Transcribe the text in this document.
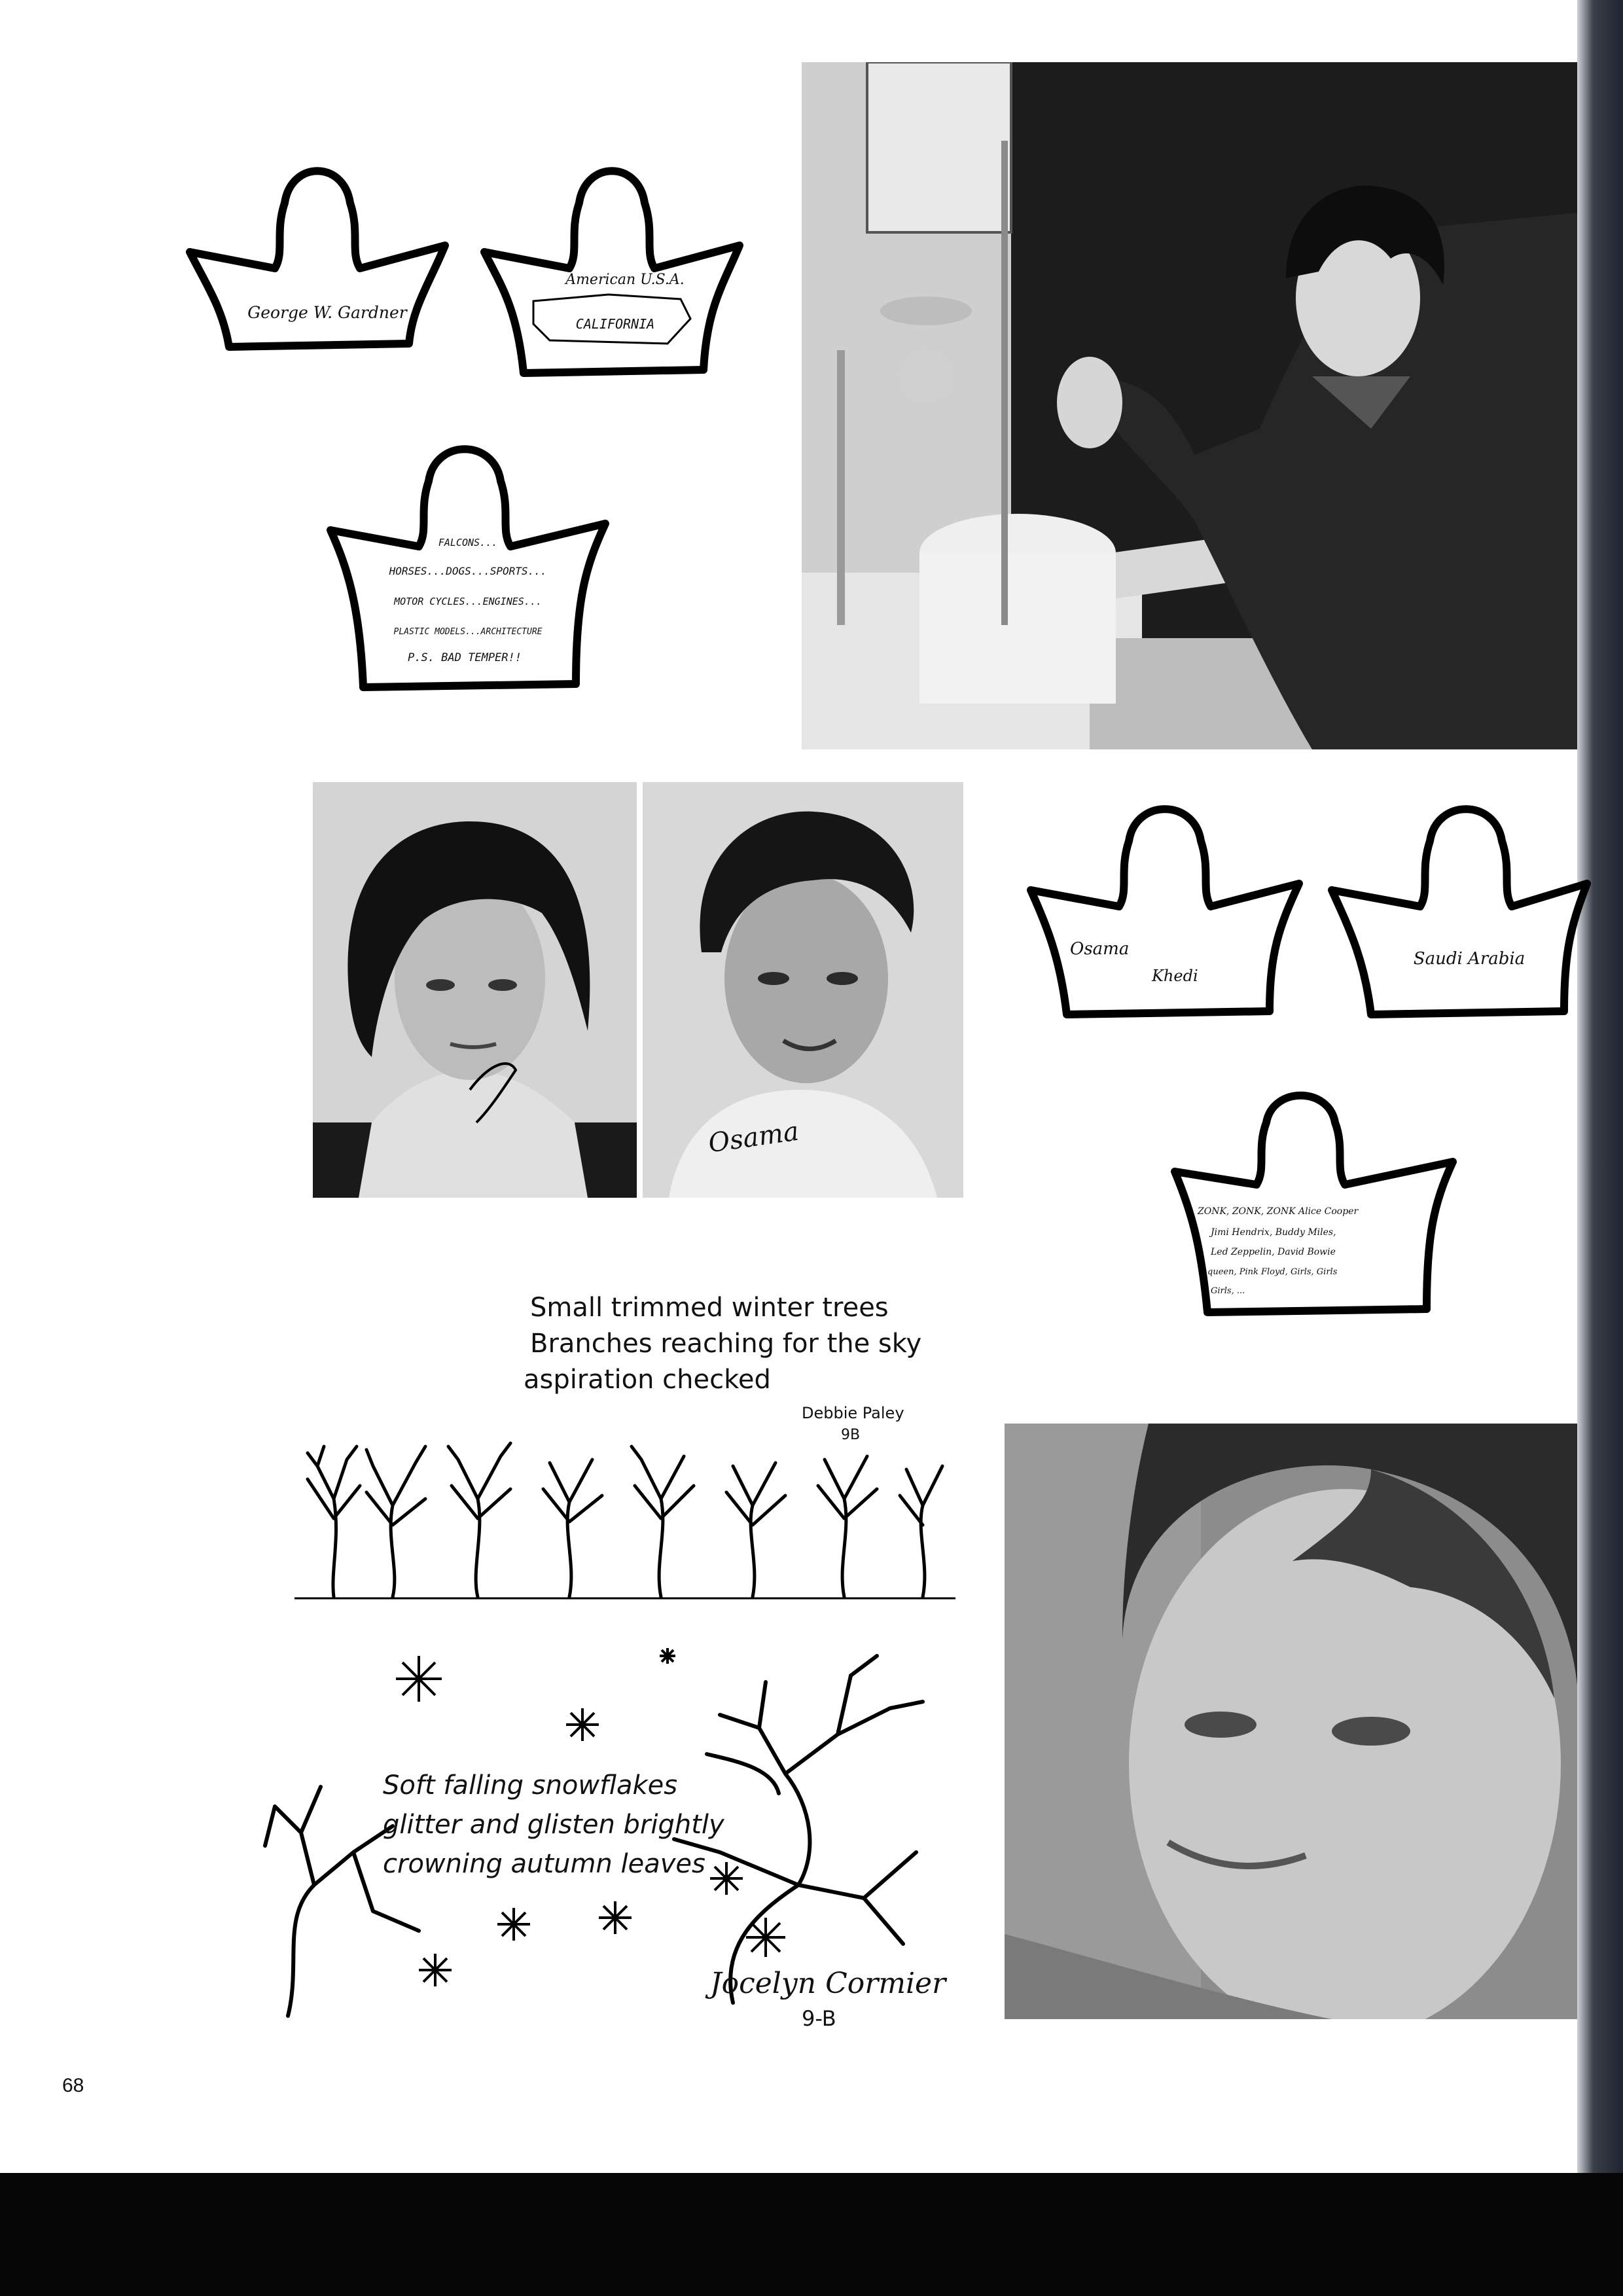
George W. Gardner
American U.S.A.
CALIFORNIA
FALCONS...
HORSES...DOGS...SPORTS...
MOTOR CYCLES...ENGINES...
PLASTIC MODELS...ARCHITECTURE
P.S. BAD TEMPER!!
Osama
Osama
Khedi
Saudi Arabia
ZONK, ZONK, ZONK Alice Cooper
Jimi Hendrix, Buddy Miles,
Led Zeppelin, David Bowie
queen, Pink Floyd, Girls, Girls
Girls, ...
Small trimmed winter trees
Branches reaching for the sky
aspiration checked
Debbie Paley
9B
Soft falling snowflakes
glitter and glisten brightly
crowning autumn leaves
Jocelyn Cormier
9-B
68
